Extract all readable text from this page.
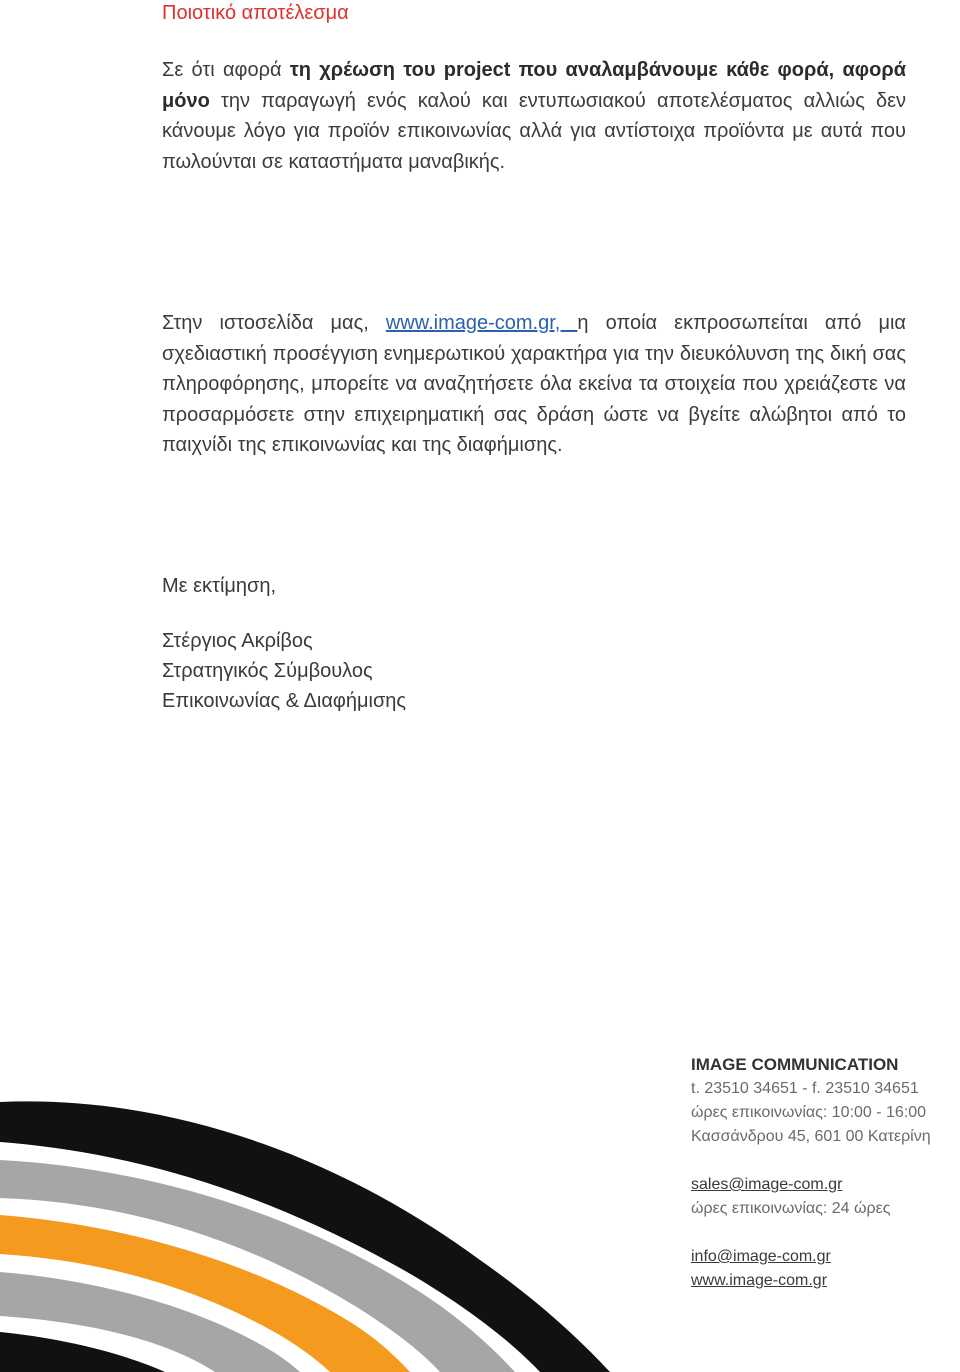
Ποιοτικό αποτέλεσμα

Σε ότι αφορά τη χρέωση του project που αναλαμβάνουμε κάθε φορά, αφορά μόνο την παραγωγή ενός καλού και εντυπωσιακού αποτελέσματος αλλιώς δεν κάνουμε λόγο για προϊόν επικοινωνίας αλλά για αντίστοιχα προϊόντα με αυτά που πωλούνται σε καταστήματα μαναβικής.

Στην ιστοσελίδα μας, www.image-com.gr, η οποία εκπροσωπείται από μια σχεδιαστική προσέγγιση ενημερωτικού χαρακτήρα για την διευκόλυνση της δική σας πληροφόρησης, μπορείτε να αναζητήσετε όλα εκείνα τα στοιχεία που χρειάζεστε να προσαρμόσετε στην επιχειρηματική σας δράση ώστε να βγείτε αλώβητοι από το παιχνίδι της επικοινωνίας και της διαφήμισης.

Με εκτίμηση,
Στέργιος Ακρίβος
Στρατηγικός Σύμβουλος
Επικοινωνίας & Διαφήμισης
IMAGE COMMUNICATION
t. 23510 34651 - f. 23510 34651
ώρες επικοινωνίας: 10:00 - 16:00
Κασσάνδρου 45, 601 00 Κατερίνη
sales@image-com.gr
ώρες επικοινωνίας: 24 ώρες
info@image-com.gr
www.image-com.gr
